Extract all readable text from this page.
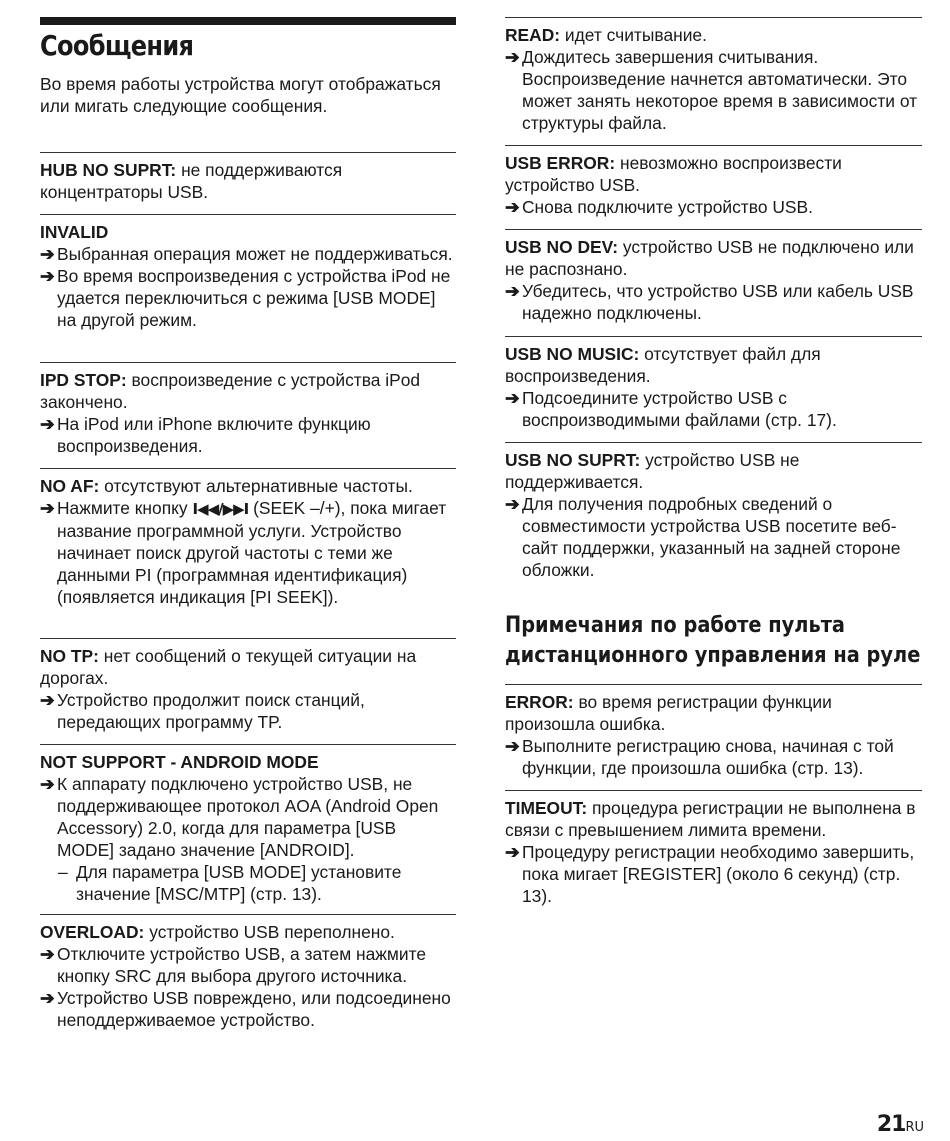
Сообщения

Во время работы устройства могут отображаться или мигать следующие сообщения.

HUB NO SUPRT: не поддерживаются концентраторы USB.

INVALID

➔ Выбранная операция может не поддерживаться.

➔ Во время воспроизведения с устройства iPod не удается переключиться с режима [USB MODE] на другой режим.

IPD STOP: воспроизведение с устройства iPod закончено.

➔ На iPod или iPhone включите функцию воспроизведения.

NO AF: отсутствуют альтернативные частоты.

➔ Нажмите кнопку I◀◀/▶▶I (SEEK –/+), пока мигает название программной услуги. Устройство начинает поиск другой частоты с теми же данными PI (программная идентификация) (появляется индикация [PI SEEK]).

NO TP: нет сообщений о текущей ситуации на дорогах.

➔ Устройство продолжит поиск станций, передающих программу TP.

NOT SUPPORT - ANDROID MODE

➔ К аппарату подключено устройство USB, не поддерживающее протокол AOA (Android Open Accessory) 2.0, когда для параметра [USB MODE] задано значение [ANDROID].

– Для параметра [USB MODE] установите значение [MSC/MTP] (стр. 13).

OVERLOAD: устройство USB переполнено.

➔ Отключите устройство USB, а затем нажмите кнопку SRC для выбора другого источника.

➔ Устройство USB повреждено, или подсоединено неподдерживаемое устройство.

READ: идет считывание.

➔ Дождитесь завершения считывания. Воспроизведение начнется автоматически. Это может занять некоторое время в зависимости от структуры файла.

USB ERROR: невозможно воспроизвести устройство USB.

➔ Снова подключите устройство USB.

USB NO DEV: устройство USB не подключено или не распознано.

➔ Убедитесь, что устройство USB или кабель USB надежно подключены.

USB NO MUSIC: отсутствует файл для воспроизведения.

➔ Подсоедините устройство USB с воспроизводимыми файлами (стр. 17).

USB NO SUPRT: устройство USB не поддерживается.

➔ Для получения подробных сведений о совместимости устройства USB посетите веб-сайт поддержки, указанный на задней стороне обложки.

ERROR: во время регистрации функции произошла ошибка.

➔ Выполните регистрацию снова, начиная с той функции, где произошла ошибка (стр. 13).

TIMEOUT: процедура регистрации не выполнена в связи с превышением лимита времени.

➔ Процедуру регистрации необходимо завершить, пока мигает [REGISTER] (около 6 секунд) (стр. 13).

Примечания по работе пульта
дистанционного управления на руле
21RU
